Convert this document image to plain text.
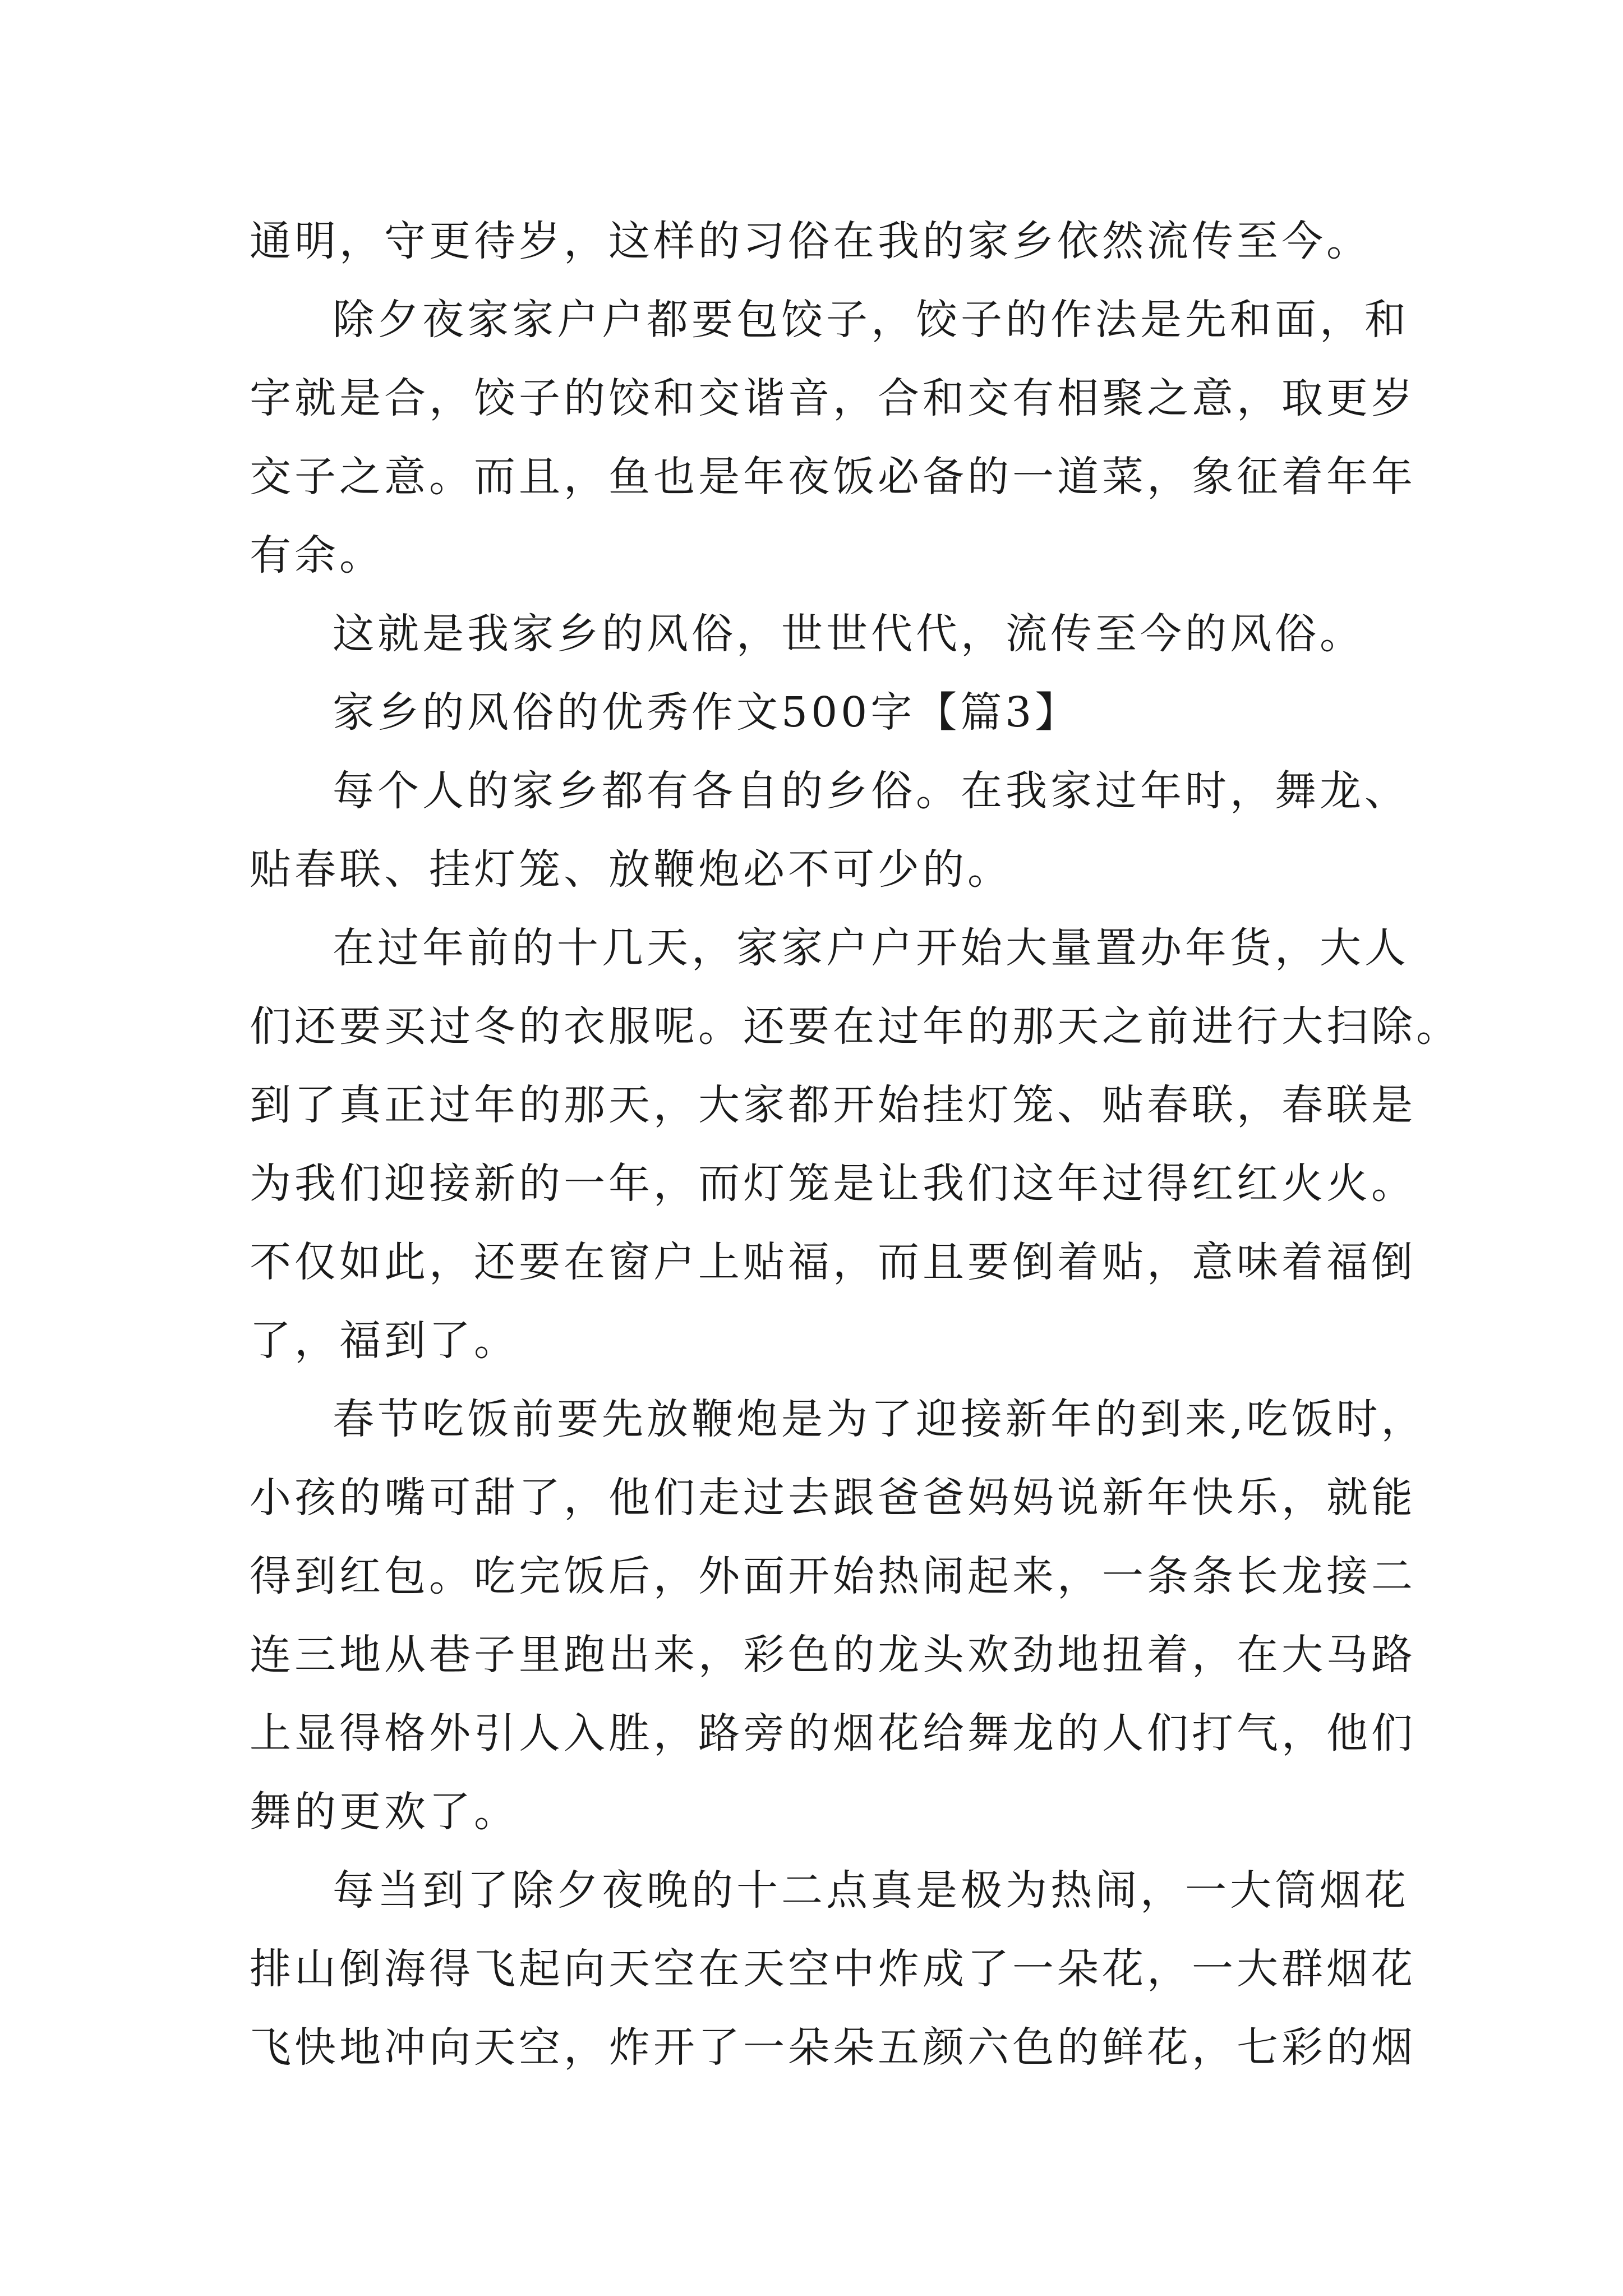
通明，守更待岁，这样的习俗在我的家乡依然流传至今。
除夕夜家家户户都要包饺子，饺子的作法是先和面，和
字就是合，饺子的饺和交谐音，合和交有相聚之意，取更岁
交子之意。而且，鱼也是年夜饭必备的一道菜，象征着年年
有余。
这就是我家乡的风俗，世世代代，流传至今的风俗。
家乡的风俗的优秀作文500字【篇3】
每个人的家乡都有各自的乡俗。在我家过年时，舞龙、
贴春联、挂灯笼、放鞭炮必不可少的。
在过年前的十几天，家家户户开始大量置办年货，大人
们还要买过冬的衣服呢。还要在过年的那天之前进行大扫除。
到了真正过年的那天，大家都开始挂灯笼、贴春联，春联是
为我们迎接新的一年，而灯笼是让我们这年过得红红火火。
不仅如此，还要在窗户上贴福，而且要倒着贴，意味着福倒
了，福到了。
春节吃饭前要先放鞭炮是为了迎接新年的到来,吃饭时，
小孩的嘴可甜了，他们走过去跟爸爸妈妈说新年快乐，就能
得到红包。吃完饭后，外面开始热闹起来，一条条长龙接二
连三地从巷子里跑出来，彩色的龙头欢劲地扭着，在大马路
上显得格外引人入胜，路旁的烟花给舞龙的人们打气，他们
舞的更欢了。
每当到了除夕夜晚的十二点真是极为热闹，一大筒烟花
排山倒海得飞起向天空在天空中炸成了一朵花，一大群烟花
飞快地冲向天空，炸开了一朵朵五颜六色的鲜花，七彩的烟
